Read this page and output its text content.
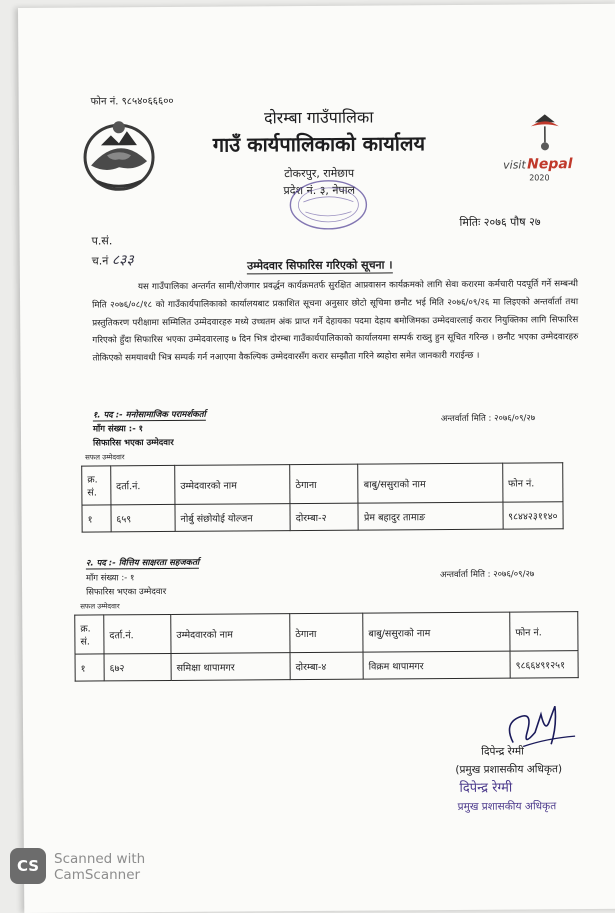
फोन नं. ९८५४०६६६००
visit Nepal
2020
दोरम्बा गाउँपालिका
गाउँ कार्यपालिकाको कार्यालय
टोकरपुर, रामेछाप
प्रदेश नं. ३, नेपाल
प.सं.
च.नं ८३३
मितिः २०७६ पौष २७
उम्मेदवार सिफारिस गरिएको सूचना ।
यस गाउँपालिका अन्तर्गत सामी/रोजगार प्रवर्द्धन कार्यक्रमतर्फ सुरक्षित आप्रवासन कार्यक्रमको लागि सेवा करारमा कर्मचारी पदपूर्ति गर्ने सम्बन्धी मिति २०७६/०८/१८ को गाउँकार्यपालिकाको कार्यालयबाट प्रकाशित सूचना अनुसार छोटो सूचिमा छनौट भई मिति २०७६/०९/२६ मा लिइएको अन्तर्वार्ता तथा प्रस्तुतिकरण परीक्षामा सम्मिलित उम्मेदवारहरु मध्ये उच्चतम अंक प्राप्त गर्ने देहायका पदमा देहाय बमोजिमका उम्मेदवारलाई करार नियुक्तिका लागि सिफारिस गरिएको हुँदा सिफारिस भएका उम्मेदवारलाइ ७ दिन भित्र दोरम्बा गाउँकार्यपालिकाको कार्यालयमा सम्पर्क राख्नु हुन सूचित गरिन्छ । छनौट भएका उम्मेदवारहरु तोकिएको समयावधी भित्र सम्पर्क गर्न नआएमा वैकल्पिक उम्मेदवारसँग करार सम्झौता गरिने ब्यहोरा समेत जानकारी गराईन्छ ।
१. पद :- मनोसामाजिक परामर्शकर्ता
माँग संख्या :- १
अन्तर्वार्ता मिति : २०७६/०९/२७
सिफारिस भएका उम्मेदवार
सफल उम्मेदवार
क्र. सं.	दर्ता.नं.	उम्मेदवारको नाम	ठेगाना	बाबु/ससुराको नाम	फोन नं.
१	६५९	नोर्बु संछोयोई योल्जन	दोरम्बा-२	प्रेम बहादुर तामाङ	९८४४२३११४०
२. पद :- वित्तिय साक्षरता सहजकर्ता
माँग संख्या :- १	अन्तर्वार्ता मिति : २०७६/०९/२७
सिफारिस भएका उम्मेदवार
सफल उम्मेदवार
क्र. सं.	दर्ता.नं.	उम्मेदवारको नाम	ठेगाना	बाबु/ससुराको नाम	फोन नं.
१	६७२	समिक्षा थापामगर	दोरम्बा-४	विक्रम थापामगर	९८६६४९१२५१
दिपेन्द्र रेग्मी
(प्रमुख प्रशासकीय अधिकृत)
दिपेन्द्र रेग्मी
प्रमुख प्रशासकीय अधिकृत
CS	Scanned with
CamScanner
